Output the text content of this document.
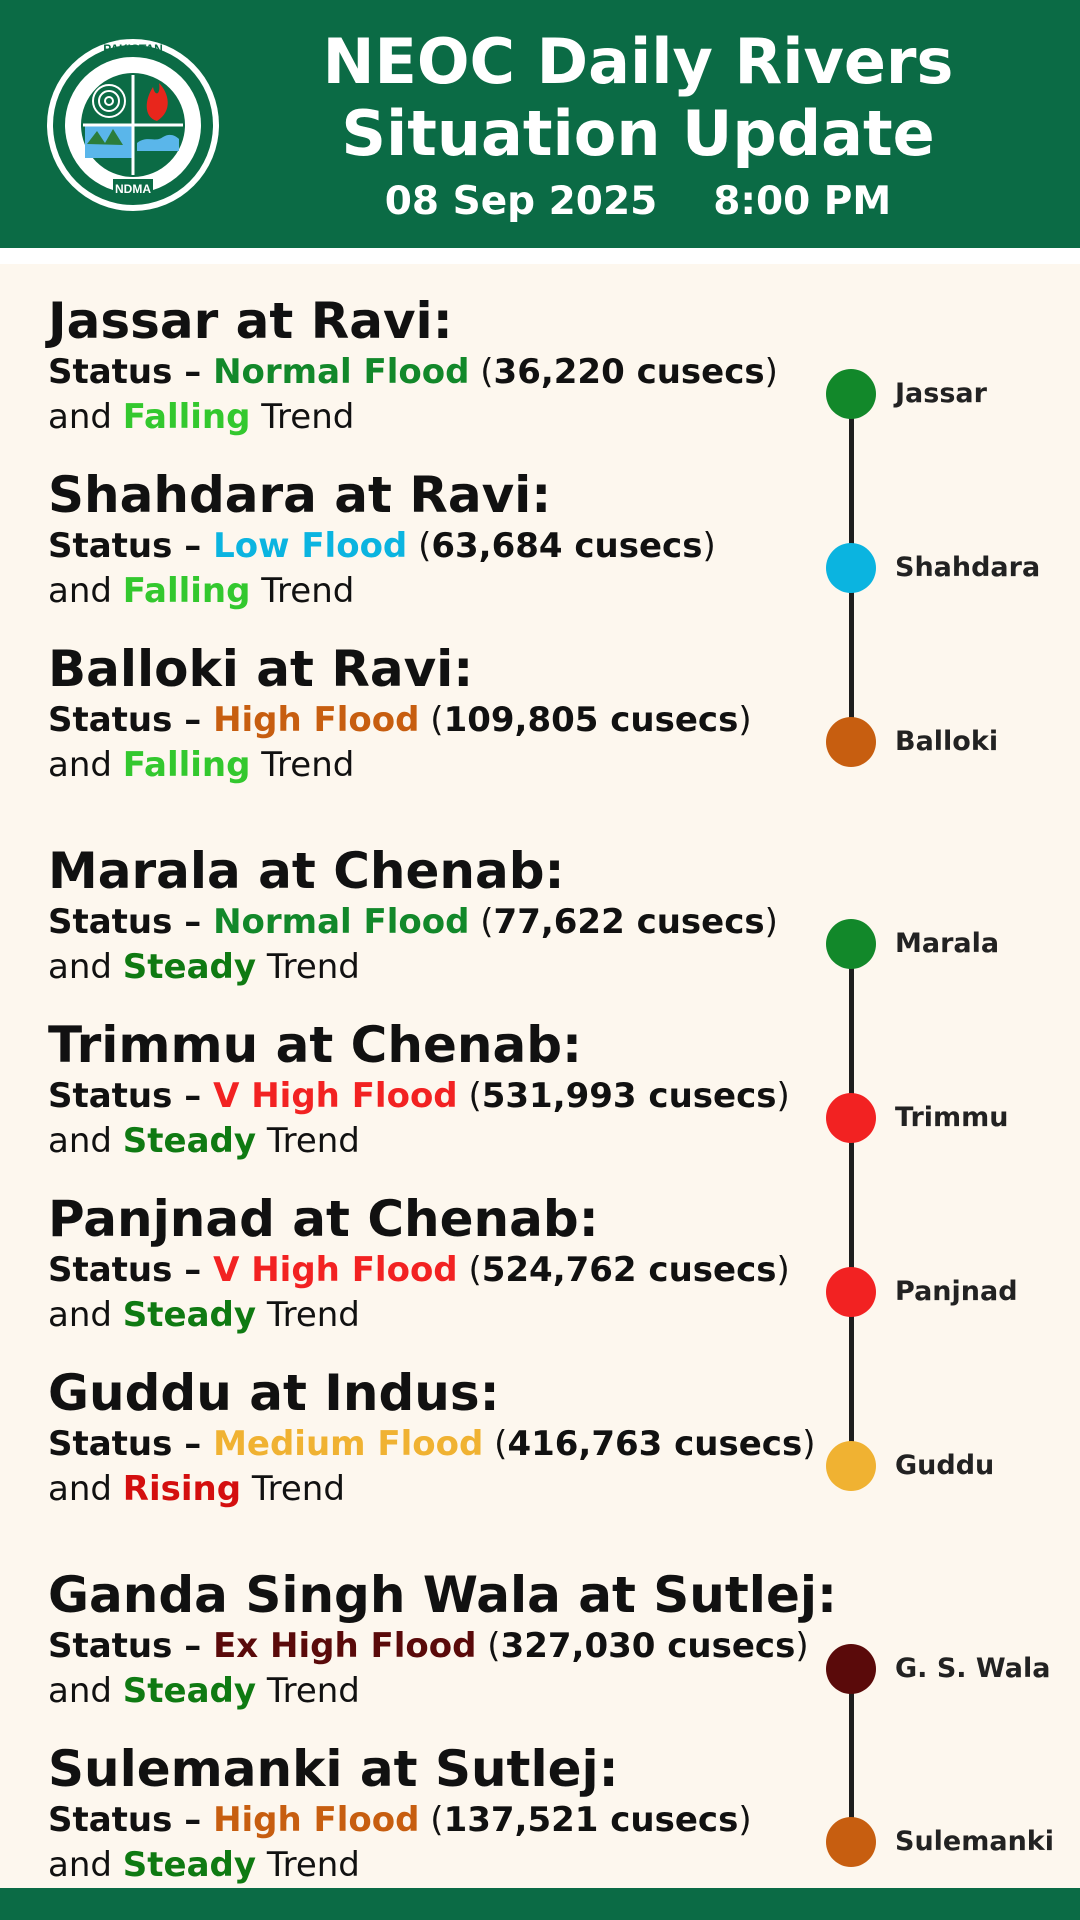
PAKISTAN
NDMA
NEOC Daily Rivers
Situation Update
08 Sep 2025 8:00 PM
Jassar at Ravi:
Status – Normal Flood (36,220 cusecs)
and Falling Trend
Shahdara at Ravi:
Status – Low Flood (63,684 cusecs)
and Falling Trend
Balloki at Ravi:
Status – High Flood (109,805 cusecs)
and Falling Trend
Marala at Chenab:
Status – Normal Flood (77,622 cusecs)
and Steady Trend
Trimmu at Chenab:
Status – V High Flood (531,993 cusecs)
and Steady Trend
Panjnad at Chenab:
Status – V High Flood (524,762 cusecs)
and Steady Trend
Guddu at Indus:
Status – Medium Flood (416,763 cusecs)
and Rising Trend
Ganda Singh Wala at Sutlej:
Status – Ex High Flood (327,030 cusecs)
and Steady Trend
Sulemanki at Sutlej:
Status – High Flood (137,521 cusecs)
and Steady Trend
Jassar
Shahdara
Balloki
Marala
Trimmu
Panjnad
Guddu
G. S. Wala
Sulemanki
